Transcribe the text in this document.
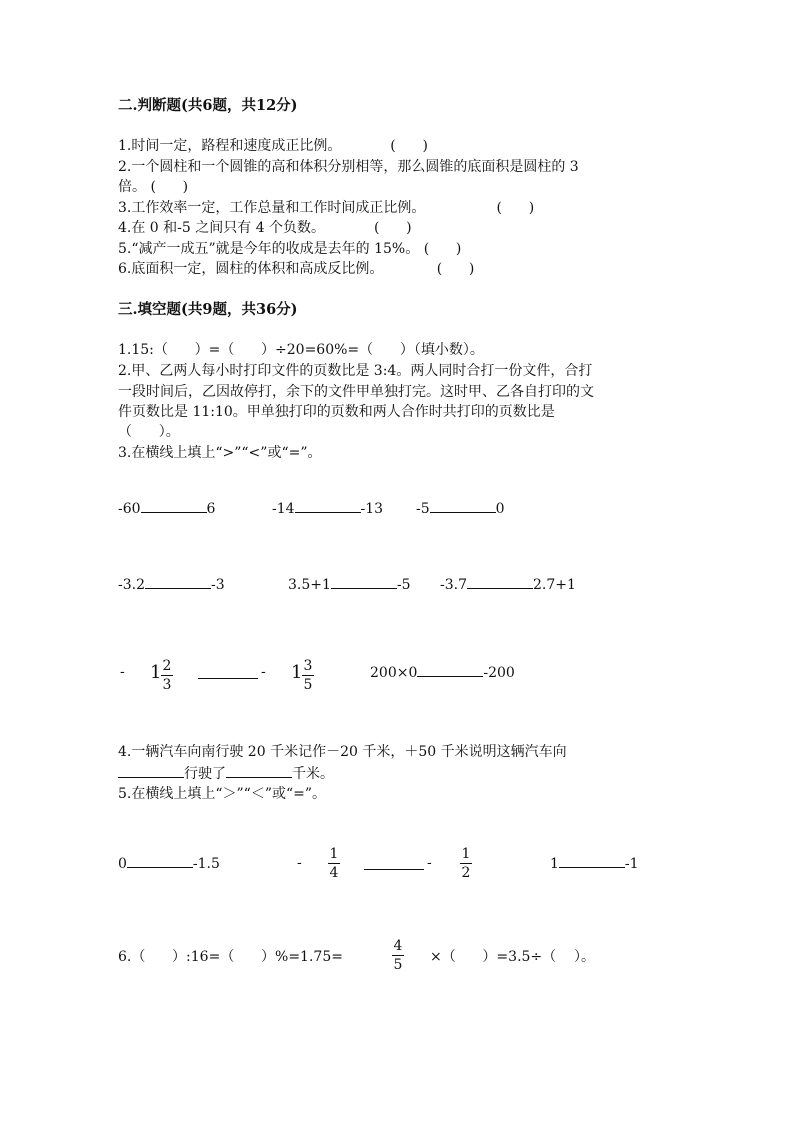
二.判断题(共6题，共12分)
1.时间一定，路程和速度成正比例。           (      )
2.一个圆柱和一个圆锥的高和体积分别相等，那么圆锥的底面积是圆柱的 3
倍。 (      )
3.工作效率一定，工作总量和工作时间成正比例。                (      )
4.在 0 和-5 之间只有 4 个负数。           (      )
5.“减产一成五”就是今年的收成是去年的 15%。 (      )
6.底面积一定，圆柱的体积和高成反比例。            (      )
三.填空题(共9题，共36分)
1.15:（      ）=（      ）÷20=60%=（      ）（填小数）。
2.甲、乙两人每小时打印文件的页数比是 3:4。两人同时合打一份文件，合打
一段时间后，乙因故停打，余下的文件甲单独打完。这时甲、乙各自打印的文
件页数比是 11:10。甲单独打印的页数和两人合作时共打印的页数比是
（      ）。
3.在横线上填上“>”“<”或“=”。
-60	6	-14	-13 -5	0
-3.2	-3	3.5+1	-5 -3.7	2.7+1
- 1 2
3
- 1 3
5
200×0	-200
4.一辆汽车向南行驶 20 千米记作－20 千米，＋50 千米说明这辆汽车向
行驶了	千米。
5.在横线上填上“＞”“＜”或“=”。
0	-1.5	-
1
4
-
1
2
1	-1
6.（      ）:16=（      ）%=1.75=
4
5 ×（      ）=3.5÷（    ）。
